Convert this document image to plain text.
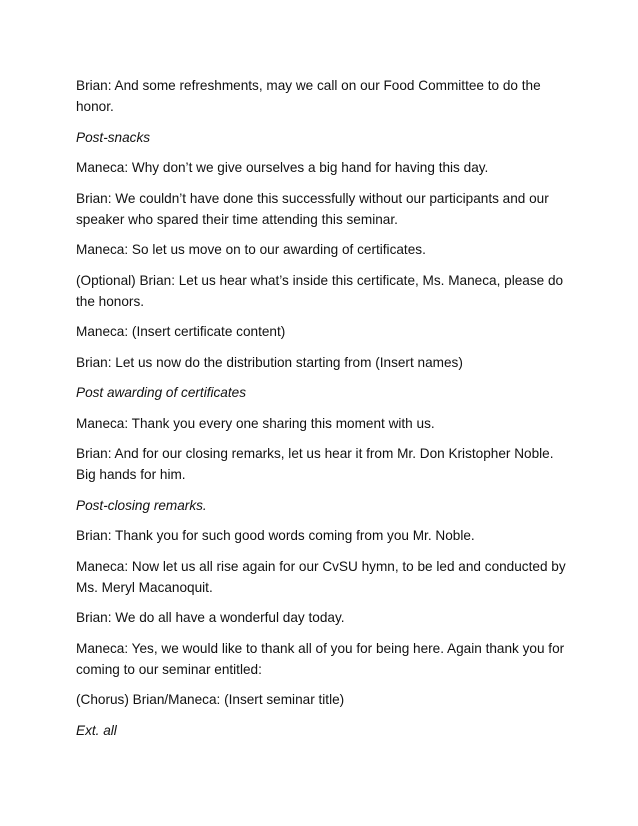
Brian: And some refreshments, may we call on our Food Committee to do the honor.

Post-snacks

Maneca: Why don’t we give ourselves a big hand for having this day.

Brian: We couldn’t have done this successfully without our participants and our speaker who spared their time attending this seminar.

Maneca: So let us move on to our awarding of certificates.

(Optional) Brian: Let us hear what’s inside this certificate, Ms. Maneca, please do the honors.

Maneca: (Insert certificate content)

Brian: Let us now do the distribution starting from (Insert names)

Post awarding of certificates

Maneca: Thank you every one sharing this moment with us.

Brian: And for our closing remarks, let us hear it from Mr. Don Kristopher Noble. Big hands for him.

Post-closing remarks.

Brian: Thank you for such good words coming from you Mr. Noble.

Maneca: Now let us all rise again for our CvSU hymn, to be led and conducted by Ms. Meryl Macanoquit.

Brian: We do all have a wonderful day today.

Maneca: Yes, we would like to thank all of you for being here. Again thank you for coming to our seminar entitled:

(Chorus) Brian/Maneca: (Insert seminar title)

Ext. all
